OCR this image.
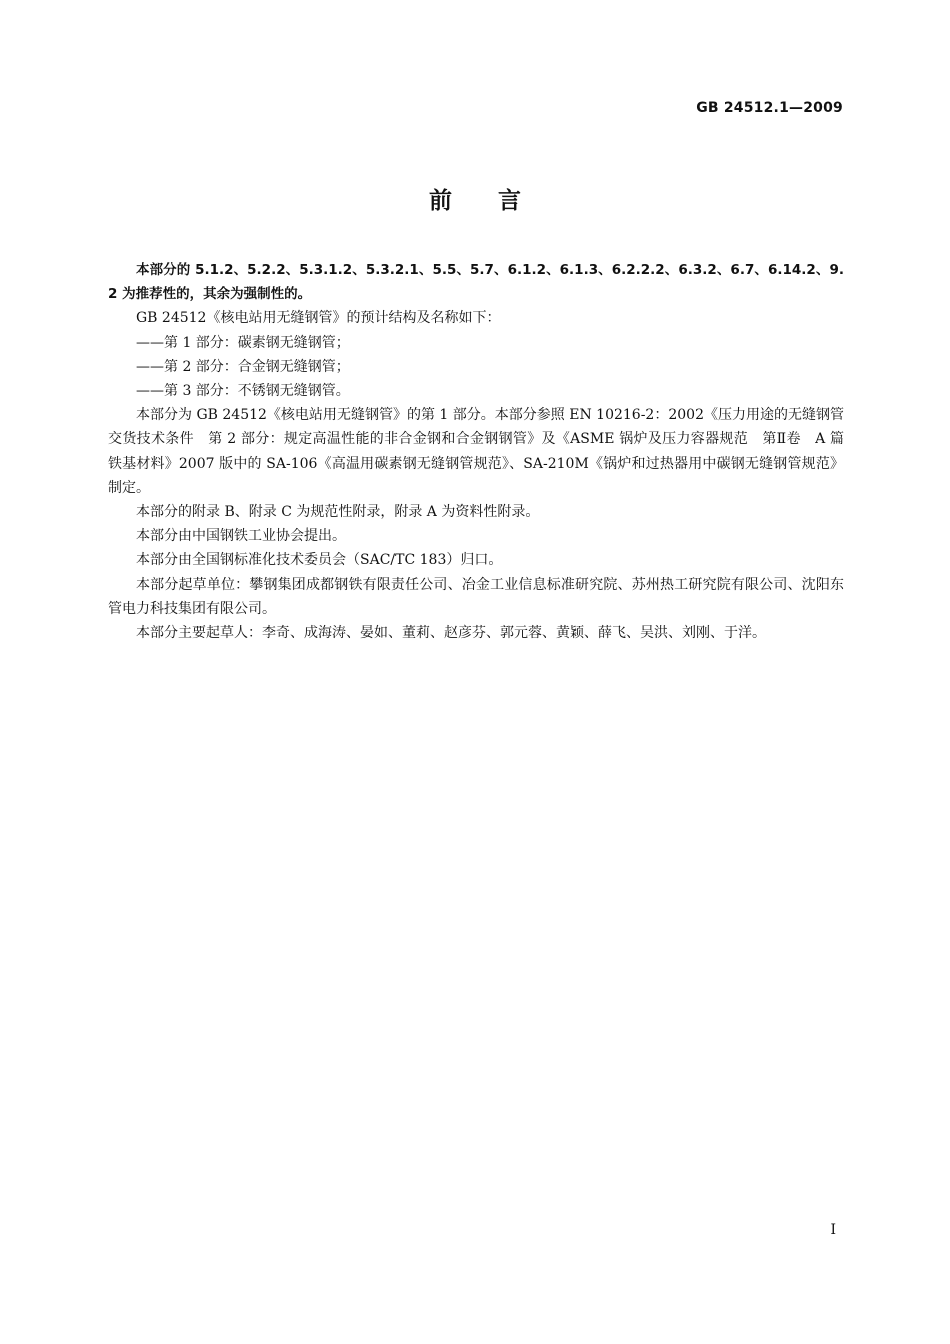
GB 24512.1—2009
前言

本部分的 5.1.2、5.2.2、5.3.1.2、5.3.2.1、5.5、5.7、6.1.2、6.1.3、6.2.2.2、6.3.2、6.7、6.14.2、9.2 为推荐性的，其余为强制性的。

GB 24512《核电站用无缝钢管》的预计结构及名称如下：

——第 1 部分：碳素钢无缝钢管；

——第 2 部分：合金钢无缝钢管；

——第 3 部分：不锈钢无缝钢管。

本部分为 GB 24512《核电站用无缝钢管》的第 1 部分。本部分参照 EN 10216-2：2002《压力用途的无缝钢管　交货技术条件　第 2 部分：规定高温性能的非合金钢和合金钢钢管》及《ASME 锅炉及压力容器规范　第Ⅱ卷　A 篇　铁基材料》2007 版中的 SA-106《高温用碳素钢无缝钢管规范》、SA-210M《锅炉和过热器用中碳钢无缝钢管规范》制定。

本部分的附录 B、附录 C 为规范性附录，附录 A 为资料性附录。

本部分由中国钢铁工业协会提出。

本部分由全国钢标准化技术委员会（SAC/TC 183）归口。

本部分起草单位：攀钢集团成都钢铁有限责任公司、冶金工业信息标准研究院、苏州热工研究院有限公司、沈阳东管电力科技集团有限公司。

本部分主要起草人：李奇、成海涛、晏如、董莉、赵彦芬、郭元蓉、黄颖、薛飞、吴洪、刘刚、于洋。

I
